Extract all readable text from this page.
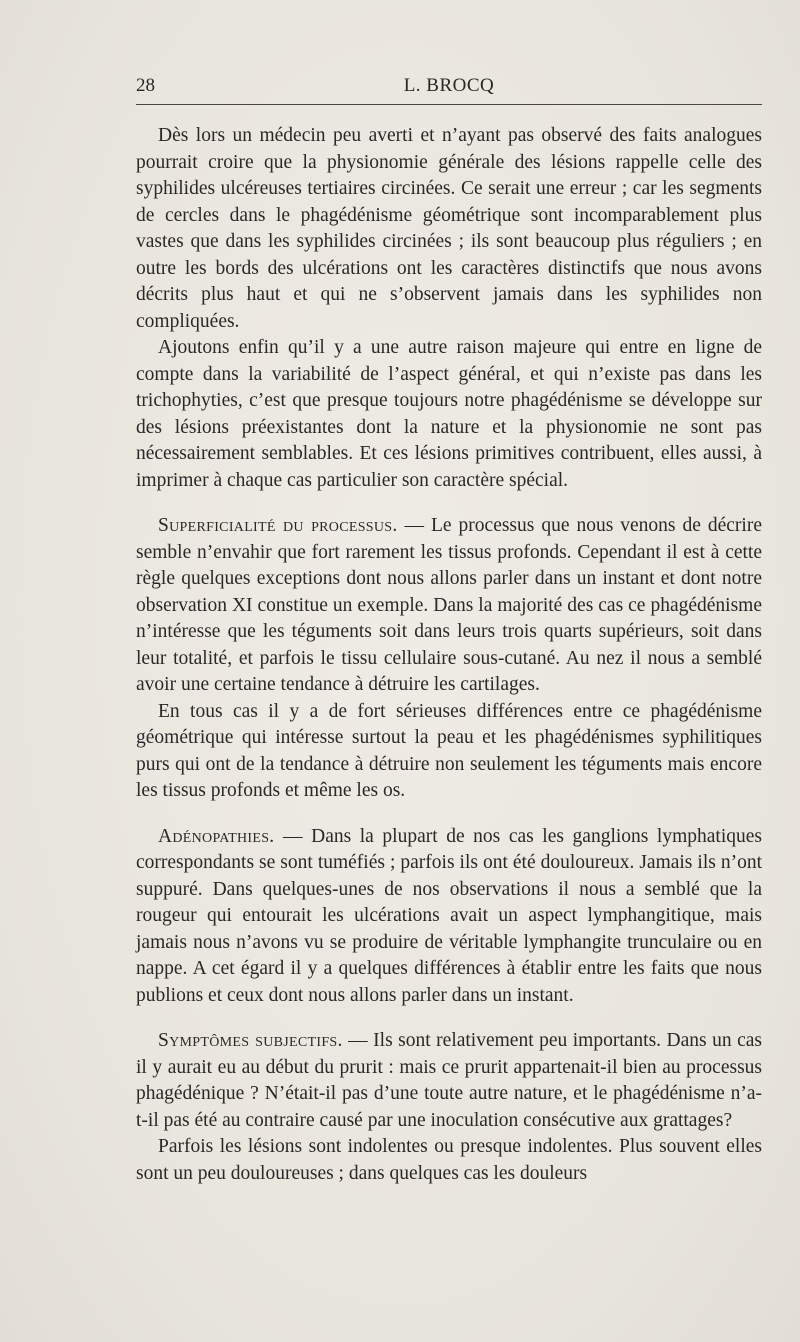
28	L. BROCQ

Dès lors un médecin peu averti et n’ayant pas observé des faits analogues pourrait croire que la physionomie générale des lésions rappelle celle des syphilides ulcéreuses tertiaires circinées. Ce serait une erreur ; car les segments de cercles dans le phagédénisme géométrique sont incomparablement plus vastes que dans les syphilides circinées ; ils sont beaucoup plus réguliers ; en outre les bords des ulcérations ont les caractères distinctifs que nous avons décrits plus haut et qui ne s’observent jamais dans les syphilides non compliquées.

Ajoutons enfin qu’il y a une autre raison majeure qui entre en ligne de compte dans la variabilité de l’aspect général, et qui n’existe pas dans les trichophyties, c’est que presque toujours notre phagédénisme se développe sur des lésions préexistantes dont la nature et la physionomie ne sont pas nécessairement semblables. Et ces lésions primitives contribuent, elles aussi, à imprimer à chaque cas particulier son caractère spécial.

Superficialité du processus. — Le processus que nous venons de décrire semble n’envahir que fort rarement les tissus profonds. Cependant il est à cette règle quelques exceptions dont nous allons parler dans un instant et dont notre observation XI constitue un exemple. Dans la majorité des cas ce phagédénisme n’intéresse que les téguments soit dans leurs trois quarts supérieurs, soit dans leur totalité, et parfois le tissu cellulaire sous-cutané. Au nez il nous a semblé avoir une certaine tendance à détruire les cartilages.

En tous cas il y a de fort sérieuses différences entre ce phagédénisme géométrique qui intéresse surtout la peau et les phagédénismes syphilitiques purs qui ont de la tendance à détruire non seulement les téguments mais encore les tissus profonds et même les os.

Adénopathies. — Dans la plupart de nos cas les ganglions lymphatiques correspondants se sont tuméfiés ; parfois ils ont été douloureux. Jamais ils n’ont suppuré. Dans quelques-unes de nos observations il nous a semblé que la rougeur qui entourait les ulcérations avait un aspect lymphangitique, mais jamais nous n’avons vu se produire de véritable lymphangite trunculaire ou en nappe. A cet égard il y a quelques différences à établir entre les faits que nous publions et ceux dont nous allons parler dans un instant.

Symptômes subjectifs. — Ils sont relativement peu importants. Dans un cas il y aurait eu au début du prurit : mais ce prurit appartenait-il bien au processus phagédénique ? N’était-il pas d’une toute autre nature, et le phagédénisme n’a-t-il pas été au contraire causé par une inoculation consécutive aux grattages?

Parfois les lésions sont indolentes ou presque indolentes. Plus souvent elles sont un peu douloureuses ; dans quelques cas les douleurs
